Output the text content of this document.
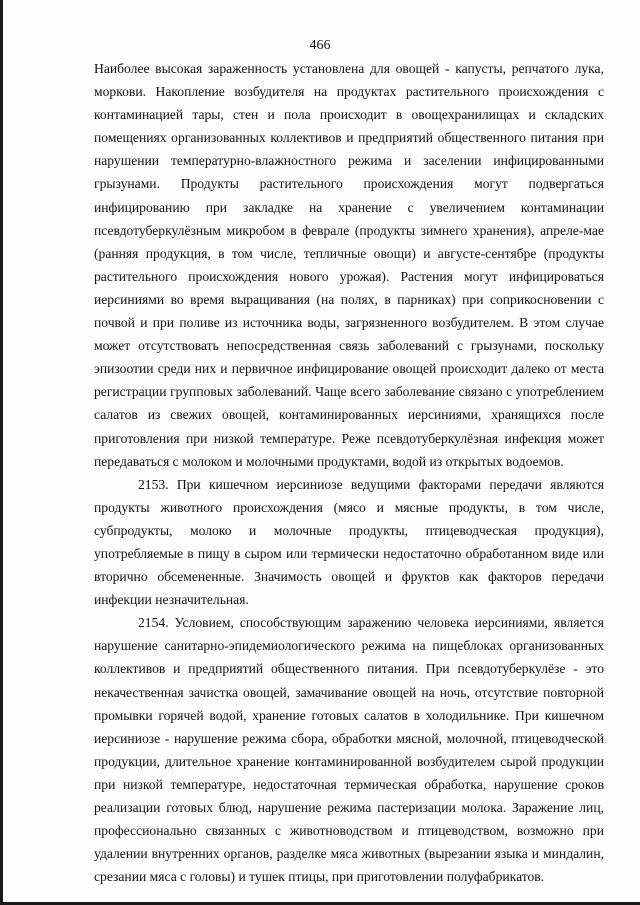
466

Наиболее высокая зараженность установлена для овощей - капусты, репчатого лука, моркови. Накопление возбудителя на продуктах растительного происхождения с контаминацией тары, стен и пола происходит в овощехранилищах и складских помещениях организованных коллективов и предприятий общественного питания при нарушении температурно-влажностного режима и заселении инфицированными грызунами. Продукты растительного происхождения могут подвергаться инфицированию при закладке на хранение с увеличением контаминации псевдотуберкулёзным микробом в феврале (продукты зимнего хранения), апреле-мае (ранняя продукция, в том числе, тепличные овощи) и августе-сентябре (продукты растительного происхождения нового урожая). Растения могут инфицироваться иерсиниями во время выращивания (на полях, в парниках) при соприкосновении с почвой и при поливе из источника воды, загрязненного возбудителем. В этом случае может отсутствовать непосредственная связь заболеваний с грызунами, поскольку эпизоотии среди них и первичное инфицирование овощей происходит далеко от места регистрации групповых заболеваний. Чаще всего заболевание связано с употреблением салатов из свежих овощей, контаминированных иерсиниями, хранящихся после приготовления при низкой температуре. Реже псевдотуберкулёзная инфекция может передаваться с молоком и молочными продуктами, водой из открытых водоемов.

2153. При кишечном иерсиниозе ведущими факторами передачи являются продукты животного происхождения (мясо и мясные продукты, в том числе, субпродукты, молоко и молочные продукты, птицеводческая продукция), употребляемые в пищу в сыром или термически недостаточно обработанном виде или вторично обсемененные. Значимость овощей и фруктов как факторов передачи инфекции незначительная.

2154. Условием, способствующим заражению человека иерсиниями, является нарушение санитарно-эпидемиологического режима на пищеблоках организованных коллективов и предприятий общественного питания. При псевдотуберкулёзе - это некачественная зачистка овощей, замачивание овощей на ночь, отсутствие повторной промывки горячей водой, хранение готовых салатов в холодильнике. При кишечном иерсиниозе - нарушение режима сбора, обработки мясной, молочной, птицеводческой продукции, длительное хранение контаминированной возбудителем сырой продукции при низкой температуре, недостаточная термическая обработка, нарушение сроков реализации готовых блюд, нарушение режима пастеризации молока. Заражение лиц, профессионально связанных с животноводством и птицеводством, возможно при удалении внутренних органов, разделке мяса животных (вырезании языка и миндалин, срезании мяса с головы) и тушек птицы, при приготовлении полуфабрикатов.
